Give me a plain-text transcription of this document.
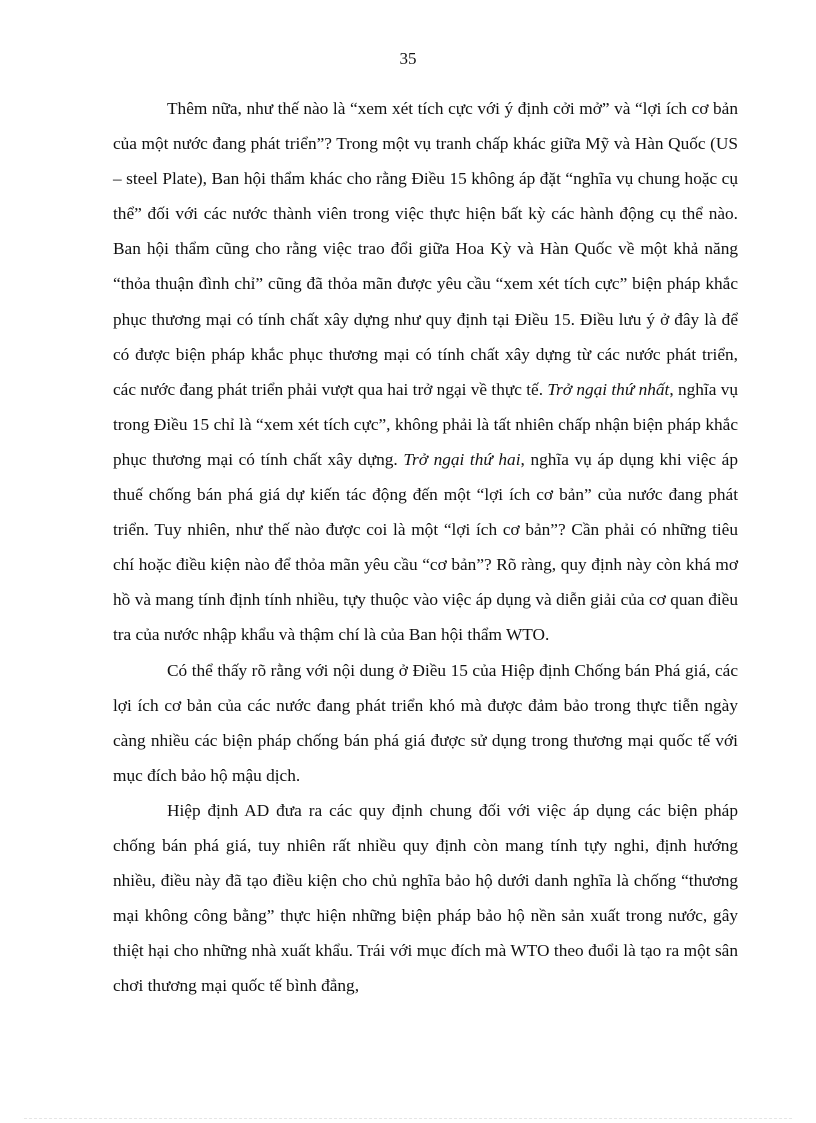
35

Thêm nữa, như thế nào là “xem xét tích cực với ý định cởi mở” và “lợi ích cơ bản của một nước đang phát triển”? Trong một vụ tranh chấp khác giữa Mỹ và Hàn Quốc (US – steel Plate), Ban hội thẩm khác cho rằng Điều 15 không áp đặt “nghĩa vụ chung hoặc cụ thể” đối với các nước thành viên trong việc thực hiện bất kỳ các hành động cụ thể nào. Ban hội thẩm cũng cho rằng việc trao đổi giữa Hoa Kỳ và Hàn Quốc về một khả năng “thỏa thuận đình chỉ” cũng đã thỏa mãn được yêu cầu “xem xét tích cực” biện pháp khắc phục thương mại có tính chất xây dựng như quy định tại Điều 15. Điều lưu ý ở đây là để có được biện pháp khắc phục thương mại có tính chất xây dựng từ các nước phát triển, các nước đang phát triển phải vượt qua hai trở ngại về thực tế. Trở ngại thứ nhất, nghĩa vụ trong Điều 15 chỉ là “xem xét tích cực”, không phải là tất nhiên chấp nhận biện pháp khắc phục thương mại có tính chất xây dựng. Trở ngại thứ hai, nghĩa vụ áp dụng khi việc áp thuế chống bán phá giá dự kiến tác động đến một “lợi ích cơ bản” của nước đang phát triển. Tuy nhiên, như thế nào được coi là một “lợi ích cơ bản”? Cần phải có những tiêu chí hoặc điều kiện nào để thỏa mãn yêu cầu “cơ bản”? Rõ ràng, quy định này còn khá mơ hồ và mang tính định tính nhiều, tựy thuộc vào việc áp dụng và diễn giải của cơ quan điều tra của nước nhập khẩu và thậm chí là của Ban hội thẩm WTO.

Có thể thấy rõ rằng với nội dung ở Điều 15 của Hiệp định Chống bán Phá giá, các lợi ích cơ bản của các nước đang phát triển khó mà được đảm bảo trong thực tiễn ngày càng nhiều các biện pháp chống bán phá giá được sử dụng trong thương mại quốc tế với mục đích bảo hộ mậu dịch.

Hiệp định AD đưa ra các quy định chung đối với việc áp dụng các biện pháp chống bán phá giá, tuy nhiên rất nhiều quy định còn mang tính tựy nghi, định hướng nhiều, điều này đã tạo điều kiện cho chủ nghĩa bảo hộ dưới danh nghĩa là chống “thương mại không công bằng” thực hiện những biện pháp bảo hộ nền sản xuất trong nước, gây thiệt hại cho những nhà xuất khẩu. Trái với mục đích mà WTO theo đuổi là tạo ra một sân chơi thương mại quốc tế bình đẳng,
